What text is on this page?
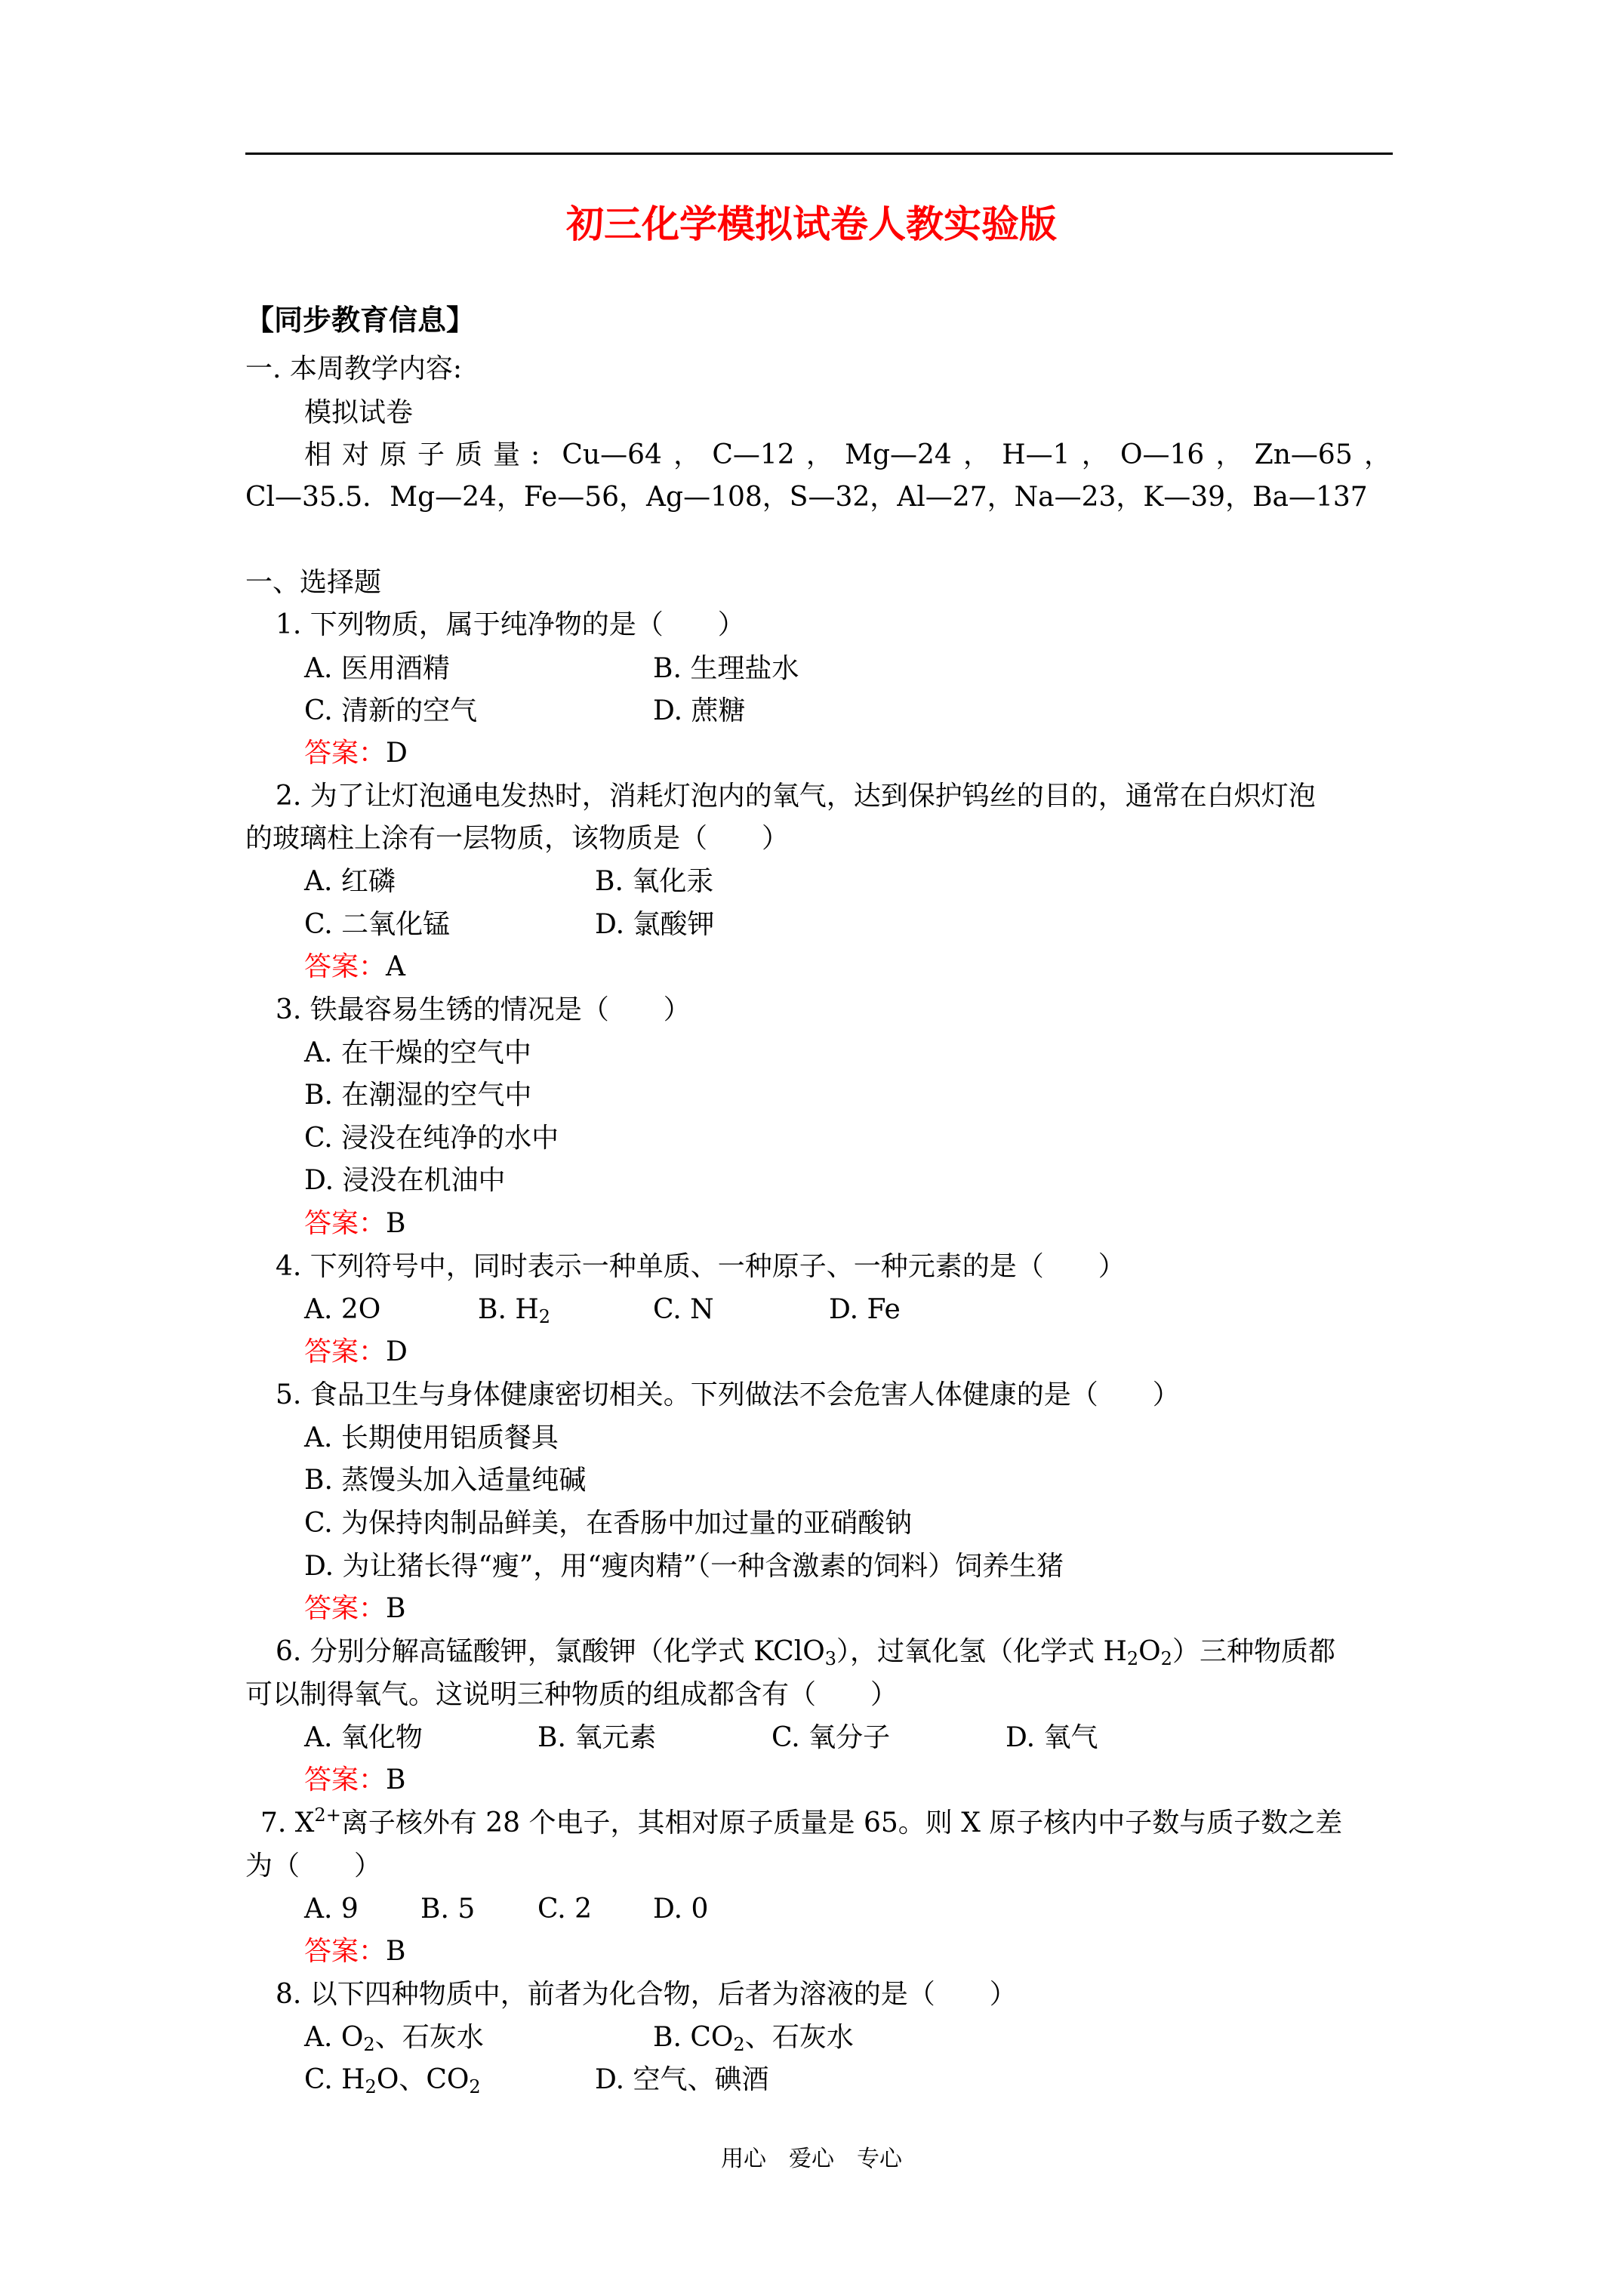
初三化学模拟试卷人教实验版
【同步教育信息】
一. 本周教学内容:
模拟试卷
相对原子质量: Cu—64 ， C—12 ， Mg—24 ， H—1 ， O—16 ， Zn—65 ，
Cl—35.5．Mg—24，Fe—56，Ag—108，S—32，Al—27，Na—23，K—39，Ba—137
一、选择题
1. 下列物质，属于纯净物的是（　　）
A. 医用酒精	B. 生理盐水
C. 清新的空气	D. 蔗糖
答案：D
2. 为了让灯泡通电发热时，消耗灯泡内的氧气，达到保护钨丝的目的，通常在白炽灯泡
的玻璃柱上涂有一层物质，该物质是（　　）
A. 红磷	B. 氧化汞
C. 二氧化锰	D. 氯酸钾
答案：A
3. 铁最容易生锈的情况是（　　）
A. 在干燥的空气中
B. 在潮湿的空气中
C. 浸没在纯净的水中
D. 浸没在机油中
答案：B
4. 下列符号中，同时表示一种单质、一种原子、一种元素的是（　　）
A. 2O	B. $H_2$	C. N	D. Fe
答案：D
5. 食品卫生与身体健康密切相关。下列做法不会危害人体健康的是（　　）
A. 长期使用铝质餐具
B. 蒸馒头加入适量纯碱
C. 为保持肉制品鲜美，在香肠中加过量的亚硝酸钠
D. 为让猪长得“瘦”，用“瘦肉精”（一种含激素的饲料）饲养生猪
答案：B
6. 分别分解高锰酸钾，氯酸钾（化学式 KClO$_3$），过氧化氢（化学式 $H_2O_2$）三种物质都
可以制得氧气。这说明三种物质的组成都含有（　　）
A. 氧化物	B. 氧元素	C. 氧分子	D. 氧气
答案：B
7. $X^{2+}$离子核外有 28 个电子，其相对原子质量是 65。则 X 原子核内中子数与质子数之差
为（　　）
A. 9 B. 5 C. 2 D. 0
答案：B
8. 以下四种物质中，前者为化合物，后者为溶液的是（　　）
A. $O_2$、石灰水	B. $CO_2$、石灰水
C. $H_2O$、$CO_2$	D. 空气、碘酒
用心　爱心　专心
